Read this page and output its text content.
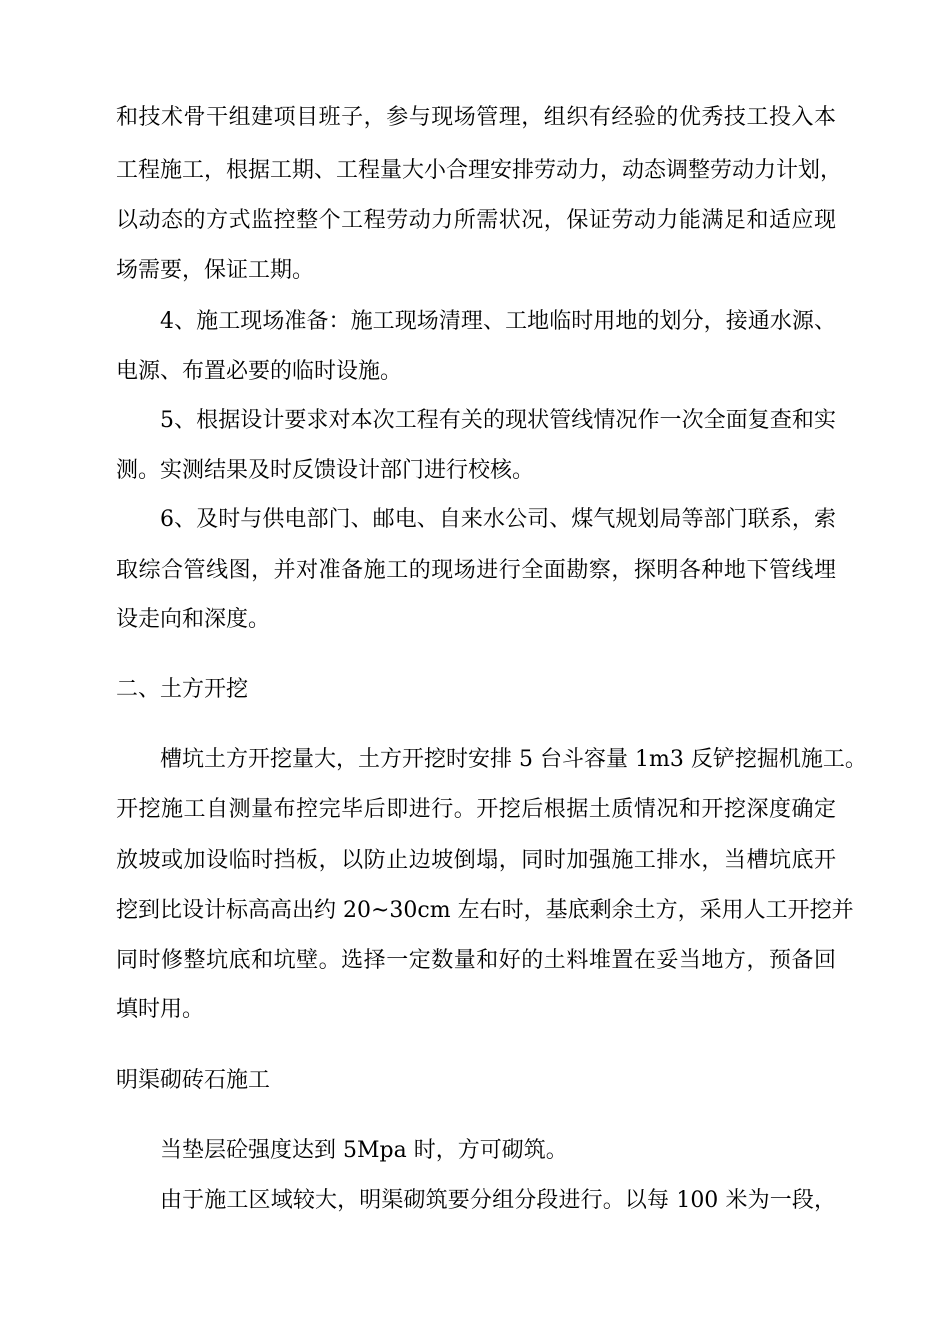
和技术骨干组建项目班子，参与现场管理，组织有经验的优秀技工投入本
工程施工，根据工期、工程量大小合理安排劳动力，动态调整劳动力计划，
以动态的方式监控整个工程劳动力所需状况，保证劳动力能满足和适应现
场需要，保证工期。
4、施工现场准备：施工现场清理、工地临时用地的划分，接通水源、
电源、布置必要的临时设施。
5、根据设计要求对本次工程有关的现状管线情况作一次全面复查和实
测。实测结果及时反馈设计部门进行校核。
6、及时与供电部门、邮电、自来水公司、煤气规划局等部门联系，索
取综合管线图，并对准备施工的现场进行全面勘察，探明各种地下管线埋
设走向和深度。
二、土方开挖
槽坑土方开挖量大，土方开挖时安排 5 台斗容量 1m3 反铲挖掘机施工。
开挖施工自测量布控完毕后即进行。开挖后根据土质情况和开挖深度确定
放坡或加设临时挡板，以防止边坡倒塌，同时加强施工排水，当槽坑底开
挖到比设计标高高出约 20~30cm 左右时，基底剩余土方，采用人工开挖并
同时修整坑底和坑壁。选择一定数量和好的土料堆置在妥当地方，预备回
填时用。
明渠砌砖石施工
当垫层砼强度达到 5Mpa 时，方可砌筑。
由于施工区域较大，明渠砌筑要分组分段进行。以每 100 米为一段，
